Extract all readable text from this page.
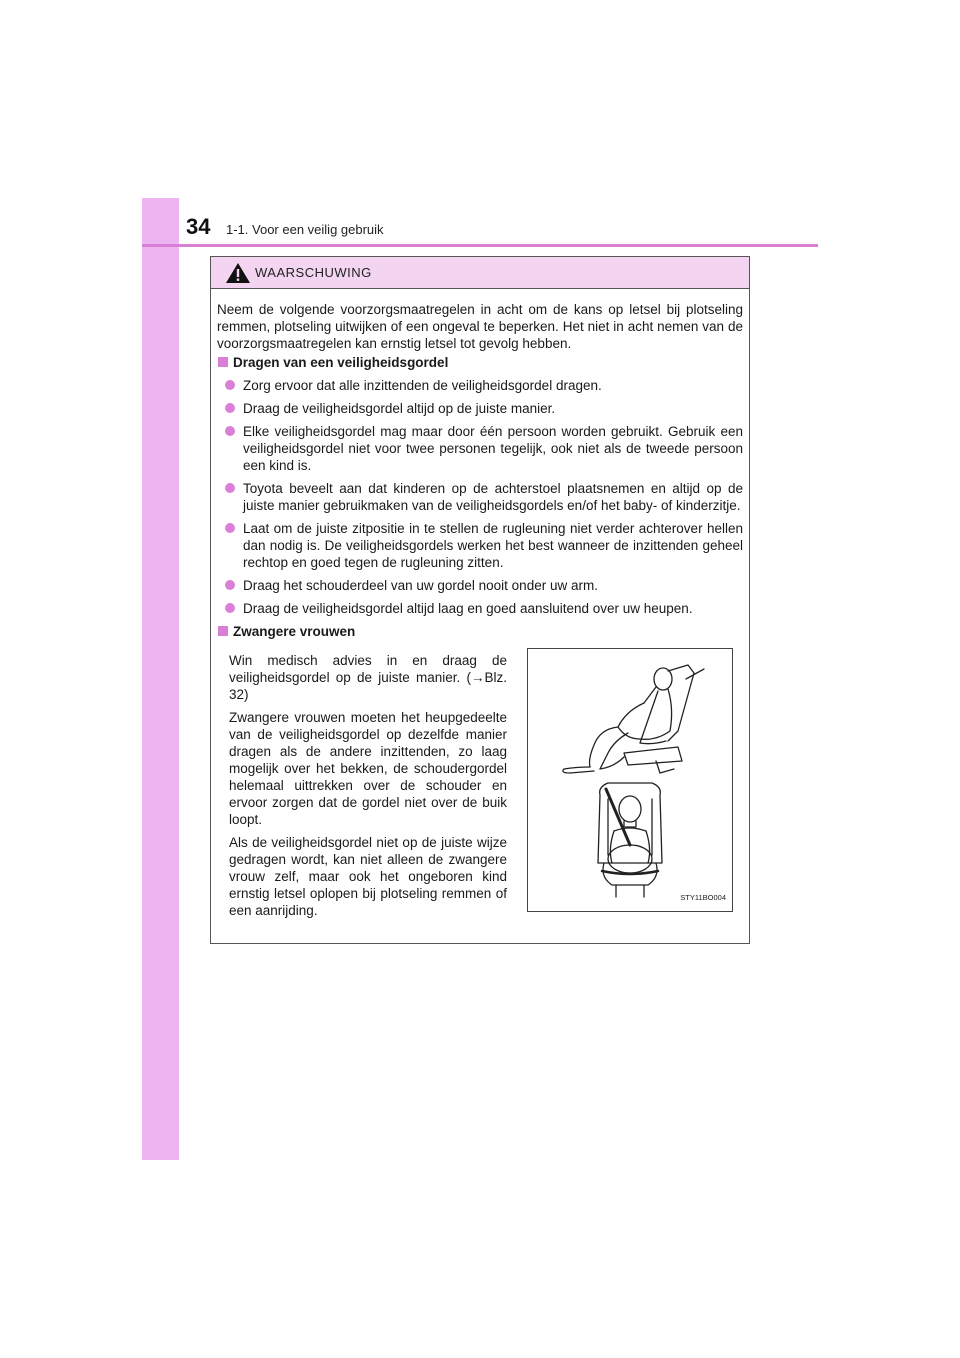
34 1-1. Voor een veilig gebruik
WAARSCHUWING

Neem de volgende voorzorgsmaatregelen in acht om de kans op letsel bij plotseling remmen, plotseling uitwijken of een ongeval te beperken. Het niet in acht nemen van de voorzorgsmaatregelen kan ernstig letsel tot gevolg hebben.

Dragen van een veiligheidsgordel
Zorg ervoor dat alle inzittenden de veiligheidsgordel dragen.
Draag de veiligheidsgordel altijd op de juiste manier.
Elke veiligheidsgordel mag maar door één persoon worden gebruikt. Gebruik een veiligheidsgordel niet voor twee personen tegelijk, ook niet als de tweede persoon een kind is.
Toyota beveelt aan dat kinderen op de achterstoel plaatsnemen en altijd op de juiste manier gebruikmaken van de veiligheidsgordels en/of het baby- of kinderzitje.
Laat om de juiste zitpositie in te stellen de rugleuning niet verder achterover hellen dan nodig is. De veiligheidsgordels werken het best wanneer de inzittenden geheel rechtop en goed tegen de rugleuning zitten.
Draag het schouderdeel van uw gordel nooit onder uw arm.
Draag de veiligheidsgordel altijd laag en goed aansluitend over uw heupen.
Zwangere vrouwen

Win medisch advies in en draag de veiligheidsgordel op de juiste manier. (→Blz. 32)

Zwangere vrouwen moeten het heupgedeelte van de veiligheidsgordel op dezelfde manier dragen als de andere inzittenden, zo laag mogelijk over het bekken, de schoudergordel helemaal uittrekken over de schouder en ervoor zorgen dat de gordel niet over de buik loopt.

Als de veiligheidsgordel niet op de juiste wijze gedragen wordt, kan niet alleen de zwangere vrouw zelf, maar ook het ongeboren kind ernstig letsel oplopen bij plotseling remmen of een aanrijding.

STY11BO004
